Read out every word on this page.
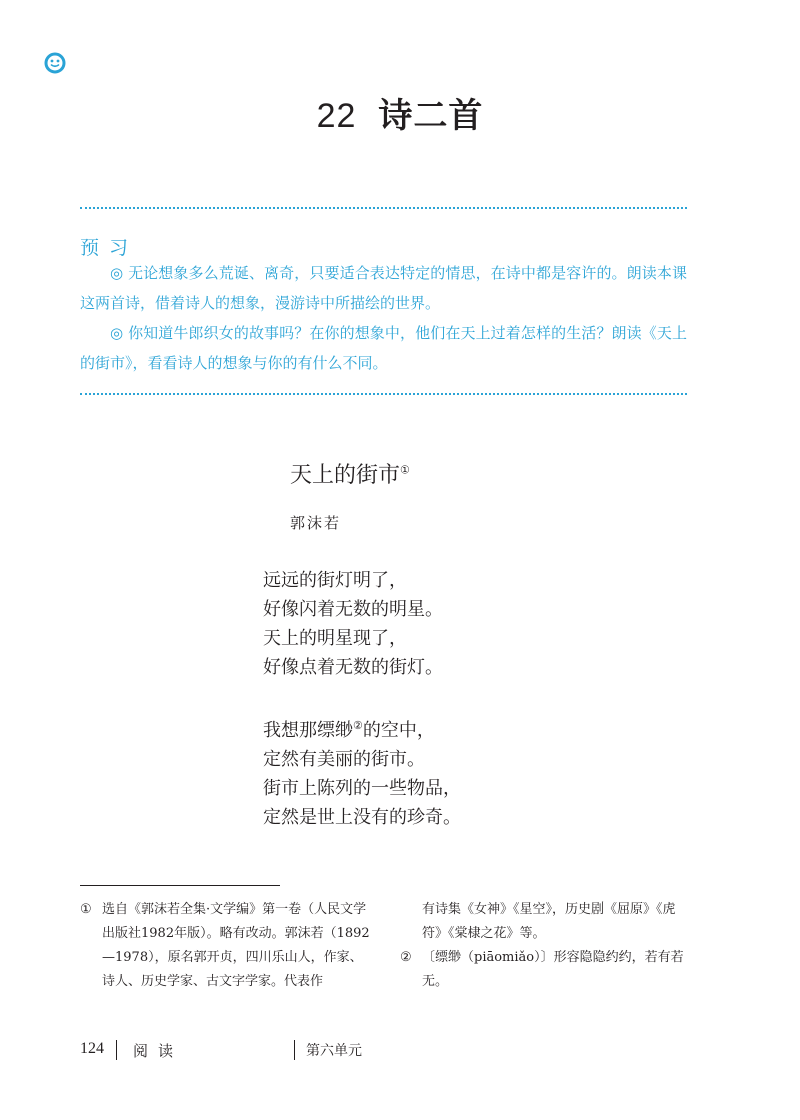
22 诗二首
预习

◎ 无论想象多么荒诞、离奇，只要适合表达特定的情思，在诗中都是容许的。朗读本课这两首诗，借着诗人的想象，漫游诗中所描绘的世界。

◎ 你知道牛郎织女的故事吗？在你的想象中，他们在天上过着怎样的生活？朗读《天上的街市》，看看诗人的想象与你的有什么不同。

天上的街市①
郭沫若
远远的街灯明了，
好像闪着无数的明星。
天上的明星现了，
好像点着无数的街灯。
我想那缥缈②的空中，
定然有美丽的街市。
街市上陈列的一些物品，
定然是世上没有的珍奇。
① 选自《郭沫若全集·文学编》第一卷（人民文学出版社1982年版）。略有改动。郭沫若（1892—1978），原名郭开贞，四川乐山人，作家、诗人、历史学家、古文字学家。代表作
有诗集《女神》《星空》，历史剧《屈原》《虎符》《棠棣之花》等。
② 〔缥缈（piāomiǎo）〕形容隐隐约约，若有若无。
124 阅读	第六单元
